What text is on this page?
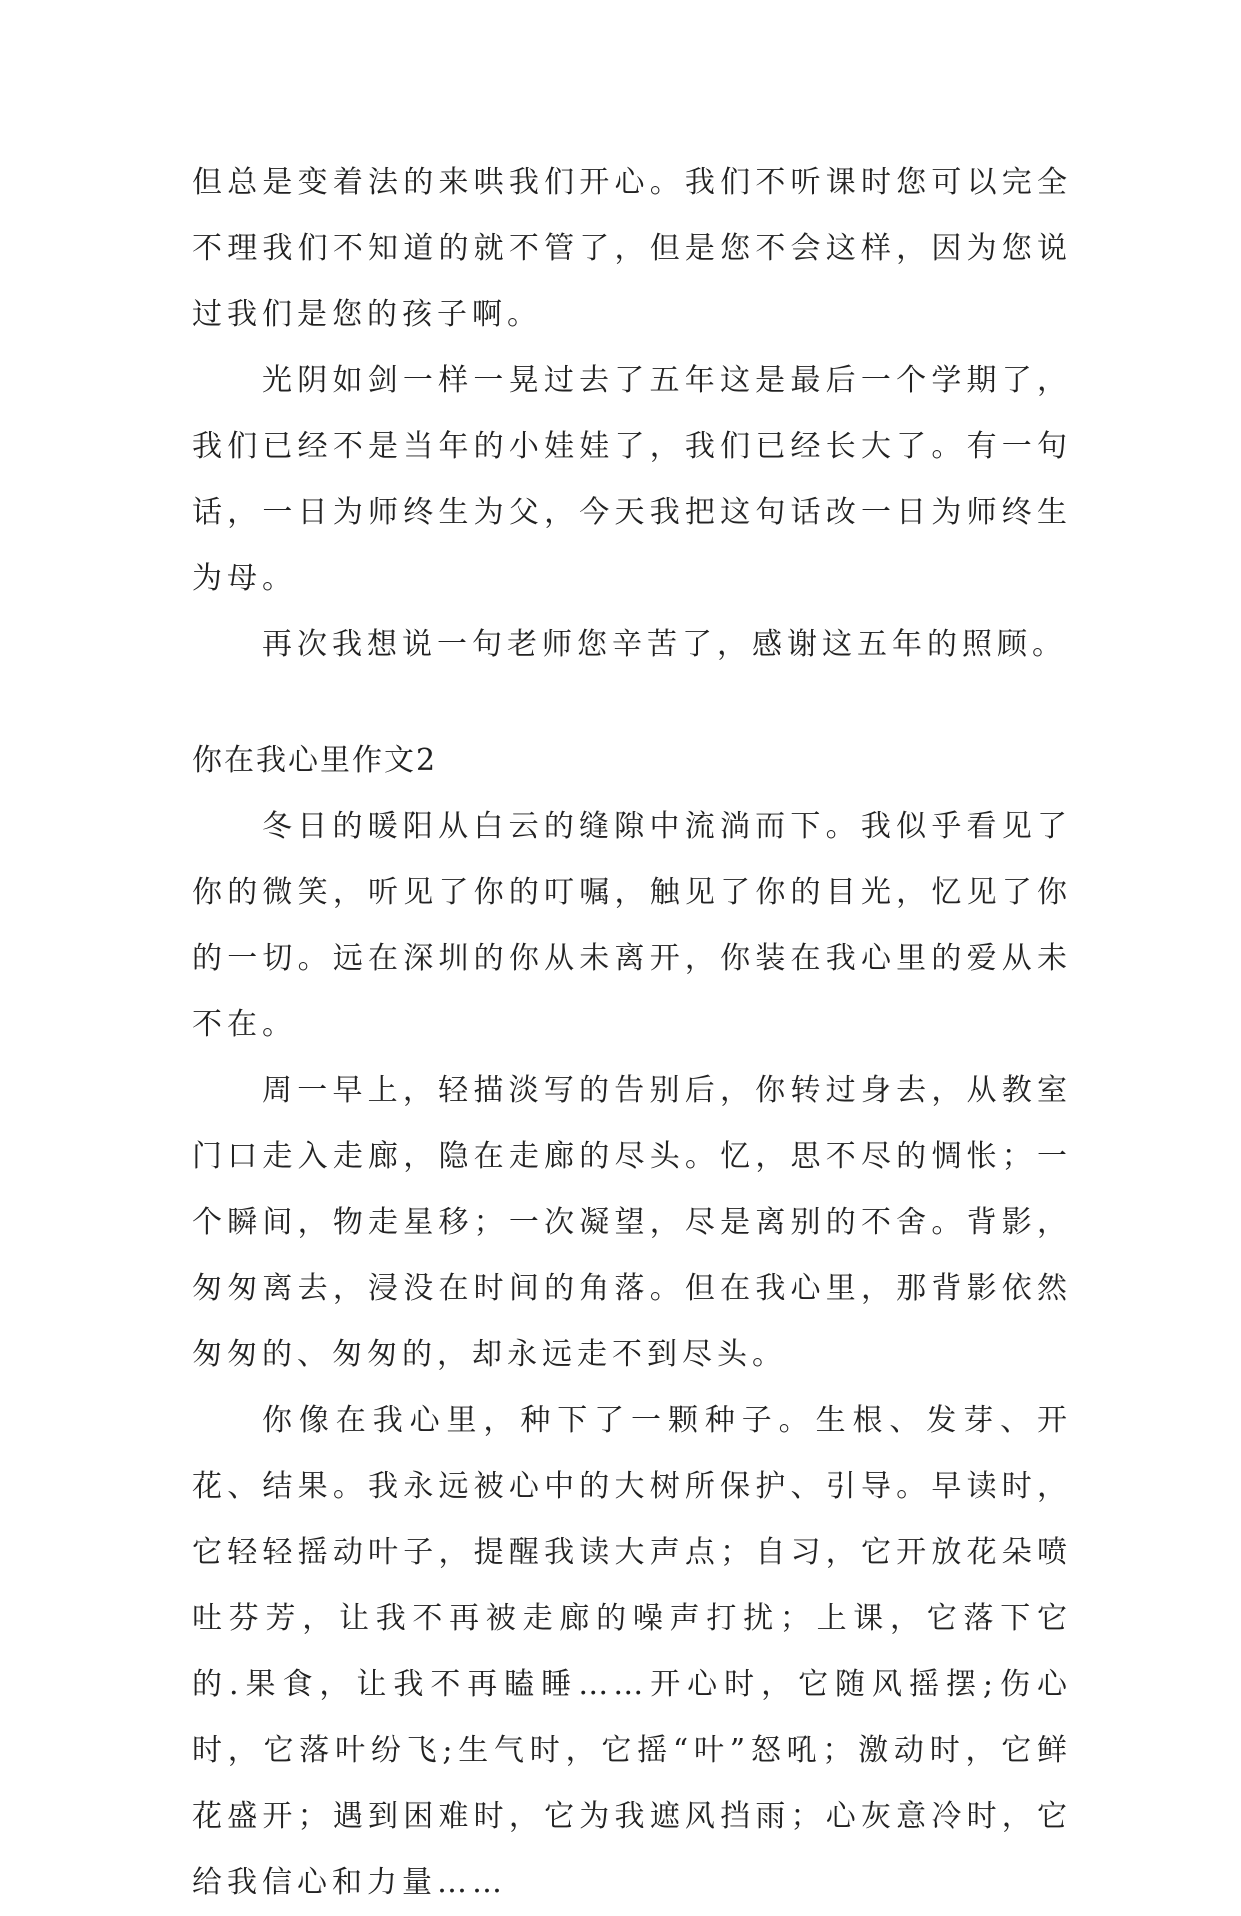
但总是变着法的来哄我们开心。我们不听课时您可以完全不理我们不知道的就不管了，但是您不会这样，因为您说过我们是您的孩子啊。

光阴如剑一样一晃过去了五年这是最后一个学期了，我们已经不是当年的小娃娃了，我们已经长大了。有一句话，一日为师终生为父，今天我把这句话改一日为师终生为母。

再次我想说一句老师您辛苦了，感谢这五年的照顾。

你在我心里作文2

冬日的暖阳从白云的缝隙中流淌而下。我似乎看见了你的微笑，听见了你的叮嘱，触见了你的目光，忆见了你的一切。远在深圳的你从未离开，你装在我心里的爱从未不在。

周一早上，轻描淡写的告别后，你转过身去，从教室门口走入走廊，隐在走廊的尽头。忆，思不尽的惆怅；一个瞬间，物走星移；一次凝望，尽是离别的不舍。背影，匆匆离去，浸没在时间的角落。但在我心里，那背影依然匆匆的、匆匆的，却永远走不到尽头。

你像在我心里，种下了一颗种子。生根、发芽、开花、结果。我永远被心中的大树所保护、引导。早读时，它轻轻摇动叶子，提醒我读大声点；自习，它开放花朵喷吐芬芳，让我不再被走廊的噪声打扰；上课，它落下它的.果食，让我不再瞌睡……开心时，它随风摇摆;伤心时，它落叶纷飞;生气时，它摇“叶”怒吼；激动时，它鲜花盛开；遇到困难时，它为我遮风挡雨；心灰意冷时，它给我信心和力量……
